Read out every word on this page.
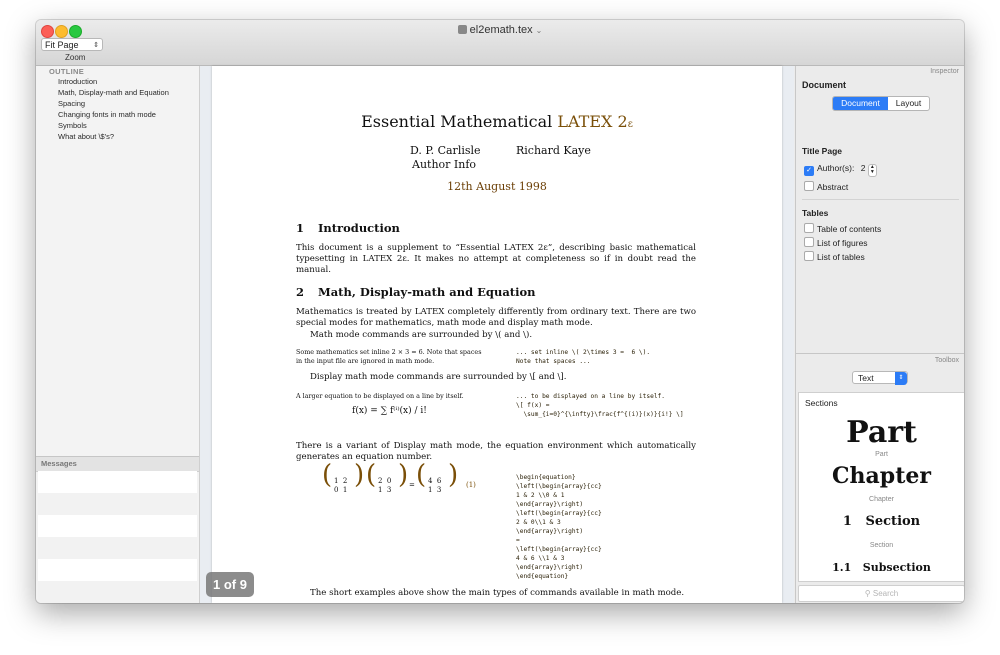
el2emath.tex ⌄
Fit Page ⇕
Zoom
OUTLINE
Introduction
Math, Display-math and Equation
Spacing
Changing fonts in math mode
Symbols
What about \$'s?
Messages
Essential Mathematical LATEX 2ε
D. P. Carlisle	Richard Kaye
Author Info
12th August 1998
1 Introduction
This document is a supplement to “Essential LATEX 2ε”, describing basic mathematical typesetting in LATEX 2ε. It makes no attempt at completeness so if in doubt read the manual.
2 Math, Display-math and Equation
Mathematics is treated by LATEX completely differently from ordinary text. There are two special modes for mathematics, math mode and display math mode.
Math mode commands are surrounded by \( and \).
Some mathematics set inline 2 × 3 = 6. Note that spaces in the input file are ignored in math mode.
... set inline \( 2\times 3 =  6 \).
Note that spaces ...
Display math mode commands are surrounded by \[ and \].
A larger equation to be displayed on a line by itself.
f(x) = ∑ f⁽ⁱ⁾(x) / i!
... to be displayed on a line by itself.
\[ f(x) =
\sum_{i=0}^{\infty}\frac{f^{(i)}(x)}{i!} \]
There is a variant of Display math mode, the equation environment which automatically generates an equation number.
( 1  2
0  1 ) ( 2  0
1  3 ) = ( 4  6
1  3 ) (1)
\begin{equation}
\left(\begin{array}{cc}
1 & 2 \\0 & 1
\end{array}\right)
\left(\begin{array}{cc}
2 & 0\\1 & 3
\end{array}\right)
=
\left(\begin{array}{cc}
4 & 6 \\1 & 3
\end{array}\right)
\end{equation}
The short examples above show the main types of commands available in math mode.
1 of 9
Inspector
Document
Document	Layout
Title Page
✓ Author(s): 2 ▲
▼
Abstract
Tables
Table of contents
List of figures
List of tables
Toolbox
Text	⇕
Sections
Part
Part
Chapter
Chapter
1 Section
Section
1.1 Subsection
⚲ Search
